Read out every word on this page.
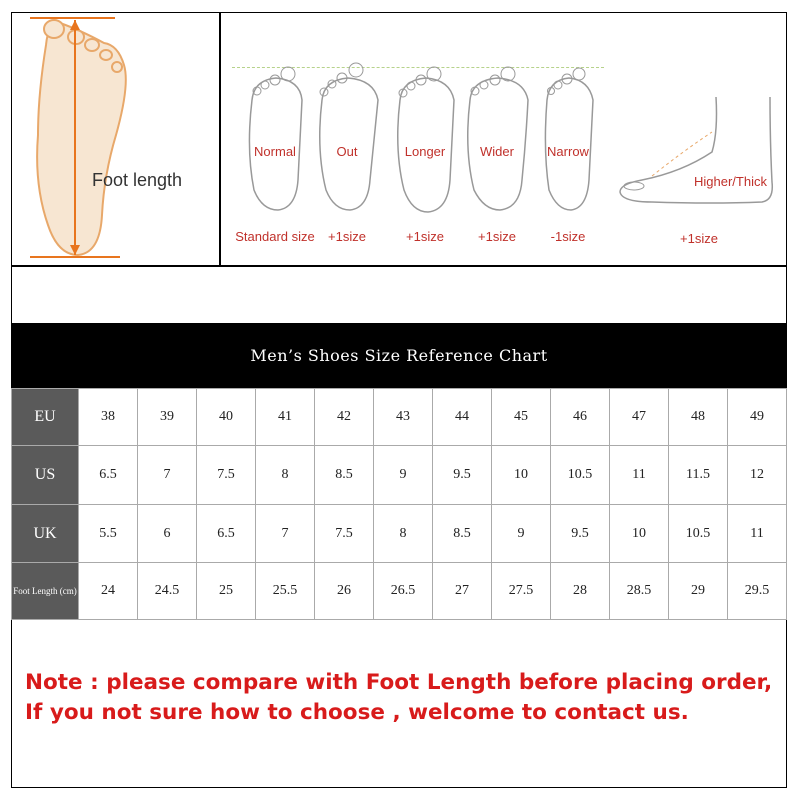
Foot length
Normal
Standard size
Out
+1size
Longer
+1size
Wider
+1size
Narrow
-1size
Higher/Thick
+1size
Men’s Shoes Size Reference Chart
EU	38	39	40	41	42	43	44	45	46	47	48	49
US	6.5	7	7.5	8	8.5	9	9.5	10	10.5	11	11.5	12
UK	5.5	6	6.5	7	7.5	8	8.5	9	9.5	10	10.5	11
Foot Length (cm)	24	24.5	25	25.5	26	26.5	27	27.5	28	28.5	29	29.5
Note : please compare with Foot Length before placing order,
If you not sure how to choose , welcome to contact us.
